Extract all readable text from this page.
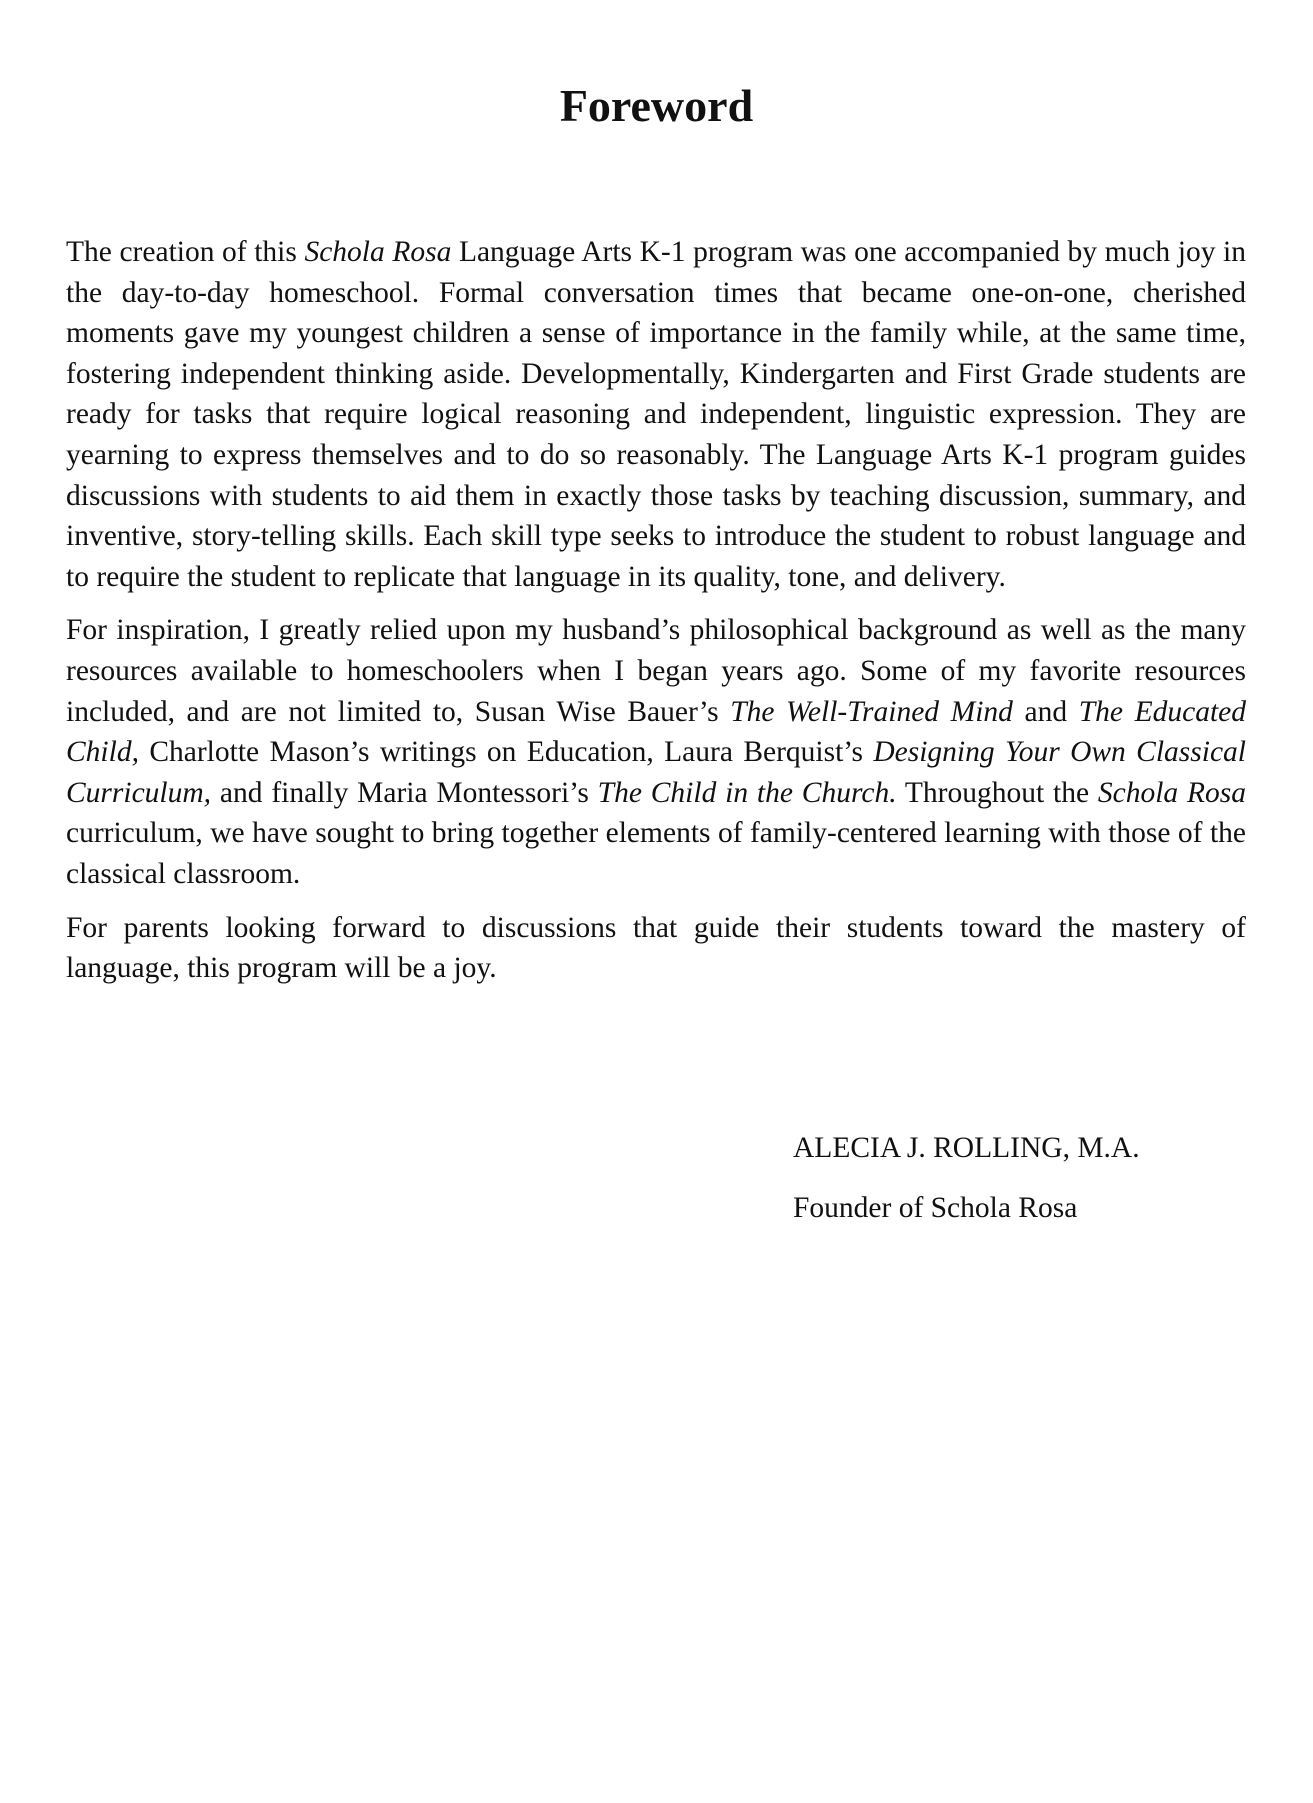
Foreword

The creation of this Schola Rosa Language Arts K-1 program was one accompanied by much joy in the day-to-day homeschool. Formal conversation times that became one-on-one, cherished moments gave my youngest children a sense of importance in the family while, at the same time, fostering independent thinking aside. Developmentally, Kindergarten and First Grade students are ready for tasks that require logical reasoning and independent, linguistic expression. They are yearning to express themselves and to do so reasonably. The Language Arts K-1 program guides discussions with students to aid them in exactly those tasks by teaching discussion, summary, and inventive, story-telling skills. Each skill type seeks to introduce the student to robust language and to require the student to replicate that language in its quality, tone, and delivery.

For inspiration, I greatly relied upon my husband’s philosophical background as well as the many resources available to homeschoolers when I began years ago. Some of my favorite resources included, and are not limited to, Susan Wise Bauer’s The Well-Trained Mind and The Educated Child, Charlotte Mason’s writings on Education, Laura Berquist’s Designing Your Own Classical Curriculum, and finally Maria Montessori’s The Child in the Church. Throughout the Schola Rosa curriculum, we have sought to bring together elements of family-centered learning with those of the classical classroom.

For parents looking forward to discussions that guide their students toward the mastery of language, this program will be a joy.

ALECIA J. ROLLING, M.A.
Founder of Schola Rosa
